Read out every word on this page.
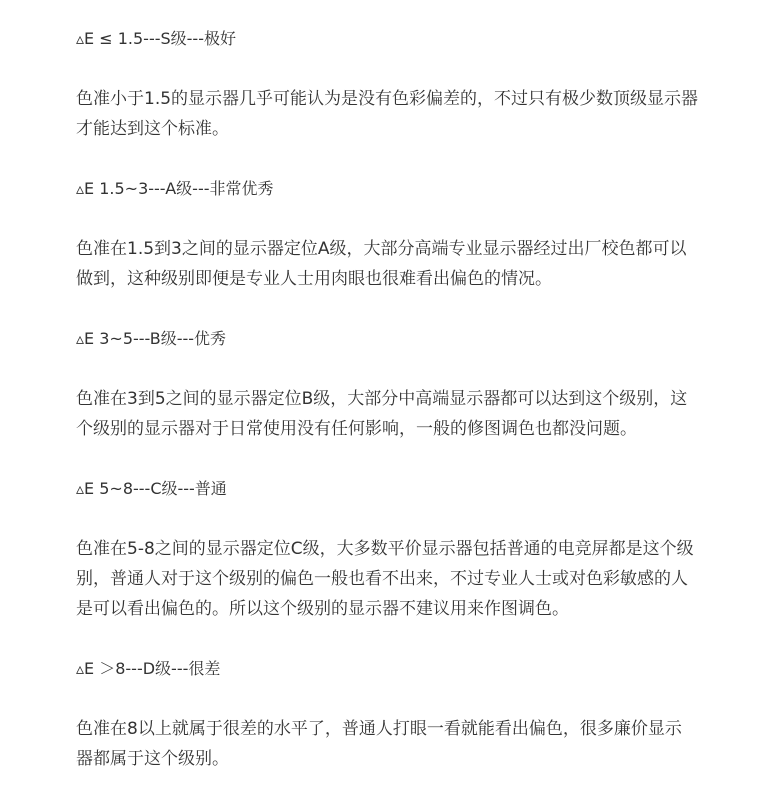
▵E ≤ 1.5---S级---极好
色准小于1.5的显示器几乎可能认为是没有色彩偏差的，不过只有极少数顶级显示器
才能达到这个标准。
▵E 1.5~3---A级---非常优秀
色准在1.5到3之间的显示器定位A级，大部分高端专业显示器经过出厂校色都可以
做到，这种级别即便是专业人士用肉眼也很难看出偏色的情况。
▵E 3~5---B级---优秀
色准在3到5之间的显示器定位B级，大部分中高端显示器都可以达到这个级别，这
个级别的显示器对于日常使用没有任何影响，一般的修图调色也都没问题。
▵E 5~8---C级---普通
色准在5-8之间的显示器定位C级，大多数平价显示器包括普通的电竞屏都是这个级
别，普通人对于这个级别的偏色一般也看不出来，不过专业人士或对色彩敏感的人
是可以看出偏色的。所以这个级别的显示器不建议用来作图调色。
▵E ＞8---D级---很差
色准在8以上就属于很差的水平了，普通人打眼一看就能看出偏色，很多廉价显示
器都属于这个级别。
